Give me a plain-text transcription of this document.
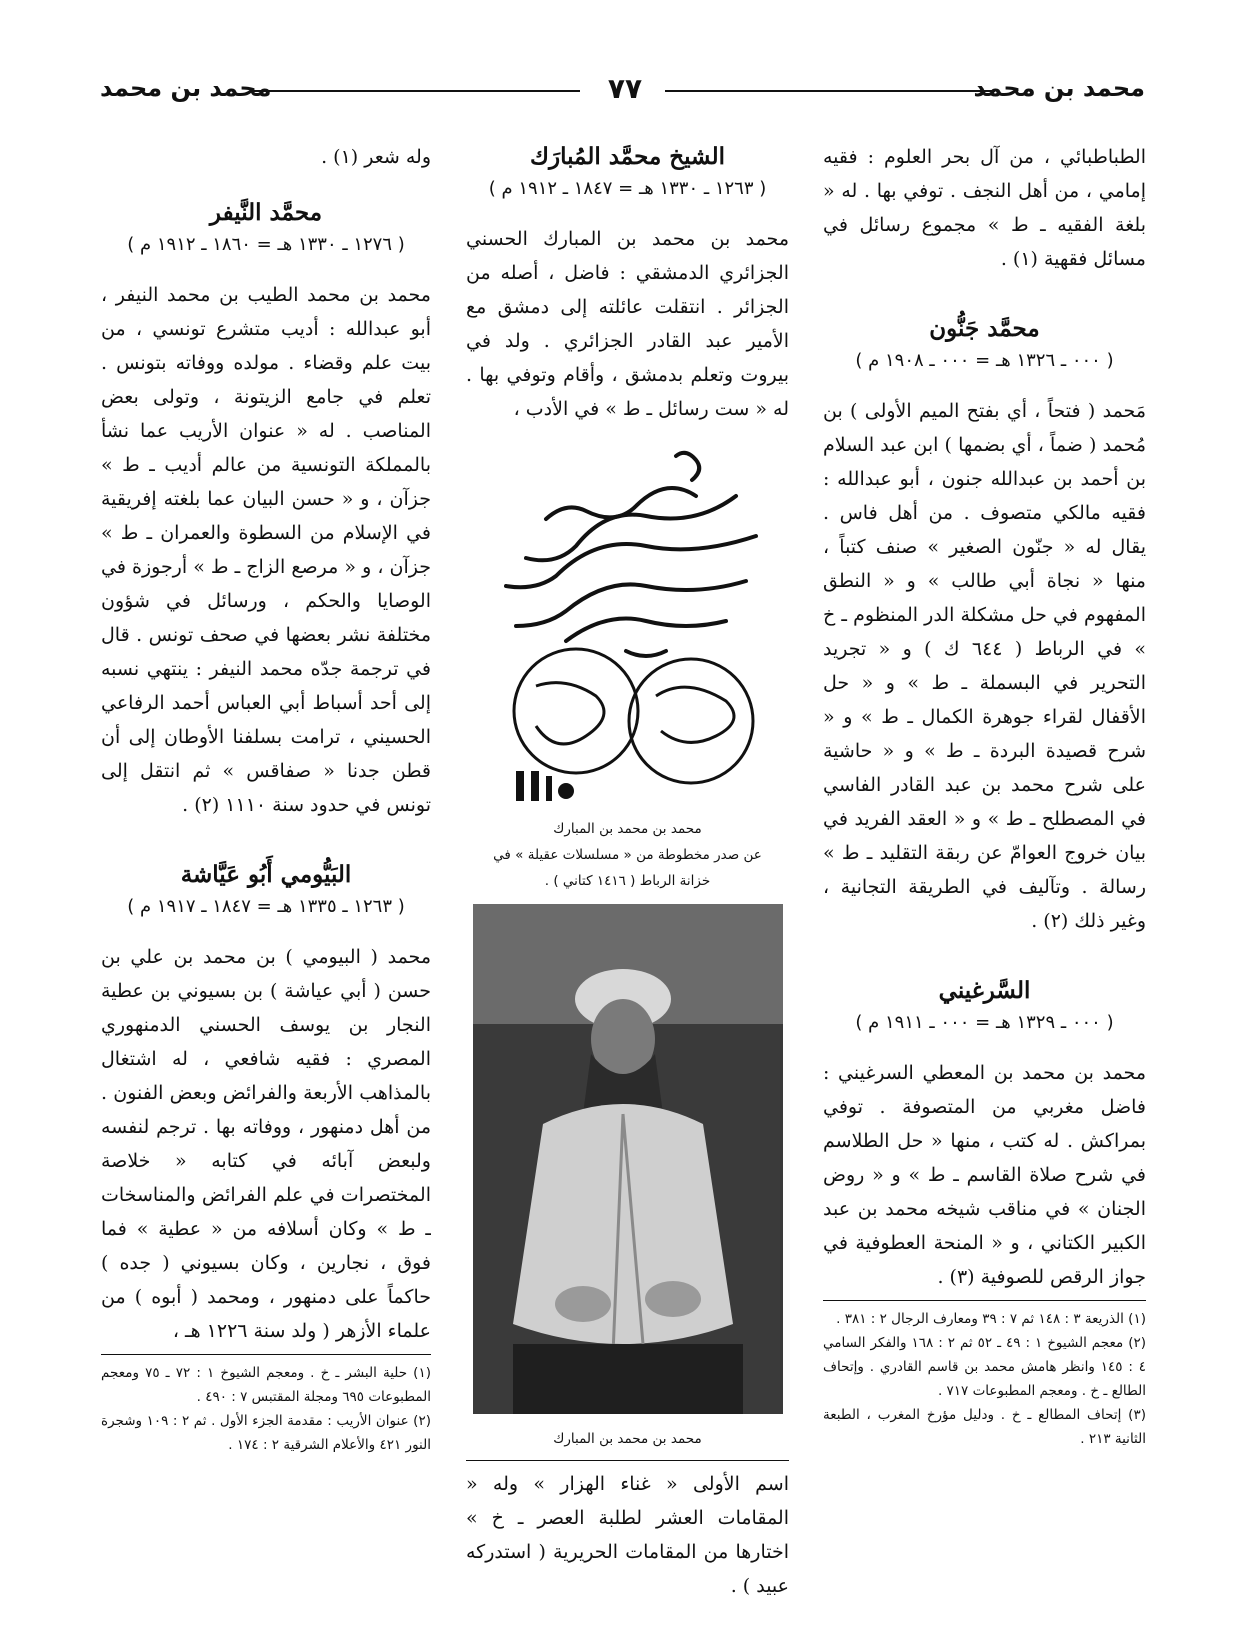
محمد بن محمد
٧٧
محمد بن محمد
الطباطبائي ، من آل بحر العلوم : فقيه إمامي ، من أهل النجف . توفي بها . له « بلغة الفقيه ـ ط » مجموع رسائل في مسائل فقهية (١) .
محمَّد جَنُّون
( ٠٠٠ ـ ١٣٢٦ هـ = ٠٠٠ ـ ١٩٠٨ م )
مَحمد ( فتحاً ، أي بفتح الميم الأولى ) بن مُحمد ( ضماً ، أي بضمها ) ابن عبد السلام بن أحمد بن عبدالله جنون ، أبو عبدالله : فقيه مالكي متصوف . من أهل فاس . يقال له « جنّون الصغير » صنف كتباً ، منها « نجاة أبي طالب » و « النطق المفهوم في حل مشكلة الدر المنظوم ـ خ » في الرباط ( ٦٤٤ ك ) و « تجريد التحرير في البسملة ـ ط » و « حل الأقفال لقراء جوهرة الكمال ـ ط » و « شرح قصيدة البردة ـ ط » و « حاشية على شرح محمد بن عبد القادر الفاسي في المصطلح ـ ط » و « العقد الفريد في بيان خروج العوامّ عن ربقة التقليد ـ ط » رسالة . وتآليف في الطريقة التجانية ، وغير ذلك (٢) .
السَّرغيني
( ٠٠٠ ـ ١٣٢٩ هـ = ٠٠٠ ـ ١٩١١ م )
محمد بن محمد بن المعطي السرغيني : فاضل مغربي من المتصوفة . توفي بمراكش . له كتب ، منها « حل الطلاسم في شرح صلاة القاسم ـ ط » و « روض الجنان » في مناقب شيخه محمد بن عبد الكبير الكتاني ، و « المنحة العطوفية في جواز الرقص للصوفية (٣) .
(١) الذريعة ٣ : ١٤٨ ثم ٧ : ٣٩ ومعارف الرجال ٢ : ٣٨١ .
(٢) معجم الشيوخ ١ : ٤٩ ـ ٥٢ ثم ٢ : ١٦٨ والفكر السامي ٤ : ١٤٥ وانظر هامش محمد بن قاسم القادري . وإتحاف الطالع ـ خ . ومعجم المطبوعات ٧١٧ .
(٣) إتحاف المطالع ـ خ . ودليل مؤرخ المغرب ، الطبعة الثانية ٢١٣ .
الشيخ محمَّد المُبارَك
( ١٢٦٣ ـ ١٣٣٠ هـ = ١٨٤٧ ـ ١٩١٢ م )
محمد بن محمد بن المبارك الحسني الجزائري الدمشقي : فاضل ، أصله من الجزائر . انتقلت عائلته إلى دمشق مع الأمير عبد القادر الجزائري . ولد في بيروت وتعلم بدمشق ، وأقام وتوفي بها . له « ست رسائل ـ ط » في الأدب ،
محمد بن محمد بن المبارك
عن صدر مخطوطة من « مسلسلات عقيلة » في
خزانة الرباط ( ١٤١٦ كتاني ) .
محمد بن محمد بن المبارك
اسم الأولى « غناء الهزار » وله « المقامات العشر لطلبة العصر ـ خ » اختارها من المقامات الحريرية ( استدركه عبيد ) .
وله شعر (١) .
محمَّد النَّيفر
( ١٢٧٦ ـ ١٣٣٠ هـ = ١٨٦٠ ـ ١٩١٢ م )
محمد بن محمد الطيب بن محمد النيفر ، أبو عبدالله : أديب متشرع تونسي ، من بيت علم وقضاء . مولده ووفاته بتونس . تعلم في جامع الزيتونة ، وتولى بعض المناصب . له « عنوان الأريب عما نشأ بالمملكة التونسية من عالم أديب ـ ط » جزآن ، و « حسن البيان عما بلغته إفريقية في الإسلام من السطوة والعمران ـ ط » جزآن ، و « مرصع الزاج ـ ط » أرجوزة في الوصايا والحكم ، ورسائل في شؤون مختلفة نشر بعضها في صحف تونس . قال في ترجمة جدّه محمد النيفر : ينتهي نسبه إلى أحد أسباط أبي العباس أحمد الرفاعي الحسيني ، ترامت بسلفنا الأوطان إلى أن قطن جدنا « صفاقس » ثم انتقل إلى تونس في حدود سنة ١١١٠ (٢) .
البَيُّومي أَبُو عَيَّاشة
( ١٢٦٣ ـ ١٣٣٥ هـ = ١٨٤٧ ـ ١٩١٧ م )
محمد ( البيومي ) بن محمد بن علي بن حسن ( أبي عياشة ) بن بسيوني بن عطية النجار بن يوسف الحسني الدمنهوري المصري : فقيه شافعي ، له اشتغال بالمذاهب الأربعة والفرائض وبعض الفنون . من أهل دمنهور ، ووفاته بها . ترجم لنفسه ولبعض آبائه في كتابه « خلاصة المختصرات في علم الفرائض والمناسخات ـ ط » وكان أسلافه من « عطية » فما فوق ، نجارين ، وكان بسيوني ( جده ) حاكماً على دمنهور ، ومحمد ( أبوه ) من علماء الأزهر ( ولد سنة ١٢٢٦ هـ ،
(١) حلية البشر ـ خ . ومعجم الشيوخ ١ : ٧٢ ـ ٧٥ ومعجم المطبوعات ٦٩٥ ومجلة المقتبس ٧ : ٤٩٠ .
(٢) عنوان الأريب : مقدمة الجزء الأول . ثم ٢ : ١٠٩ وشجرة النور ٤٢١ والأعلام الشرقية ٢ : ١٧٤ .
